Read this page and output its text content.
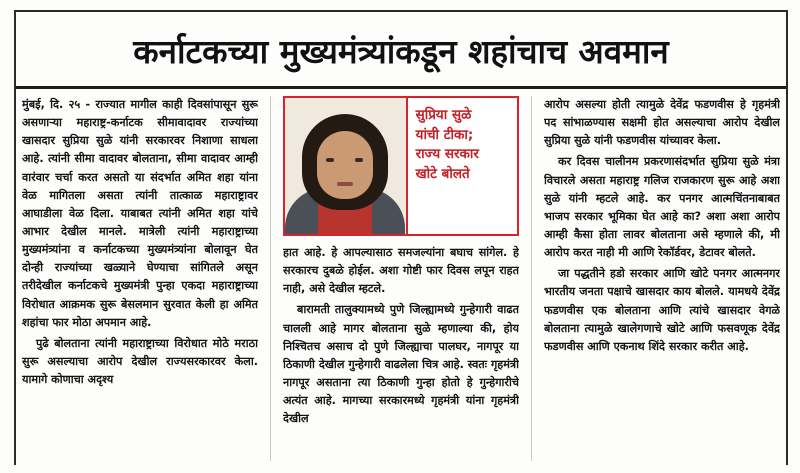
कर्नाटकच्या मुख्यमंत्र्यांकडून शहांचाच अवमान

मुंबई, दि. २५ - राज्यात मागील काही दिवसांपासून सुरू असणाऱ्या महाराष्ट्र-कर्नाटक सीमावादावर राज्यांच्या खासदार सुप्रिया सुळे यांनी सरकारवर निशाणा साधला आहे. त्यांनी सीमा वादावर बोलताना, सीमा वादावर आम्ही वारंवार चर्चा करत असतो या संदर्भात अमित शहा यांना वेळ मागितला असता त्यांनी तात्काळ महाराष्ट्रावर आघाडीला वेळ दिला. याबाबत त्यांनी अमित शहा यांचे आभार देखील मानले. मात्रेली त्यांनी महाराष्ट्राच्या मुख्यमंत्र्यांना व कर्नाटकच्या मुख्यमंत्र्यांना बोलावून घेत दोन्ही राज्यांच्या खळ्याने घेण्याचा सांगितले असून तरीदेखील कर्नाटकचे मुख्यमंत्री पुन्हा एकदा महाराष्ट्राच्या विरोधात आक्रमक सुरू बेसलमान सुरवात केली हा अमित शहांचा फार मोठा अपमान आहे.

पुढे बोलताना त्यांनी महाराष्ट्राच्या विरोधात मोठे मराठा सुरू असल्याचा आरोप देखील राज्यसरकारवर केला. यामागे कोणाचा अदृश्य

सुप्रिया सुळे
यांची टीका;
राज्य सरकार
खोटे बोलते

हात आहे. हे आपल्यासाठ समजल्यांना बघाच सांगेल. हे सरकारच दुबळे होईल. अशा गोष्टी फार दिवस लपून राहत नाही, असे देखील म्हटले.

बारामती तालुक्यामध्ये पुणे जिल्ह्यामध्ये गुन्हेगारी वाढत चालली आहे मागर बोलताना सुळे म्हणाल्या की, होय निश्चितच असाच दो पुणे जिल्ह्याचा पालघर, नागपूर या ठिकाणी देखील गुन्हेगारी वाढलेला चित्र आहे. स्वतः गृहमंत्री नागपूर असताना त्या ठिकाणी गुन्हा होतो हे गुन्हेगारीचे अत्यंत आहे. मागच्या सरकारमध्ये गृहमंत्री यांना गृहमंत्री देखील

आरोप असल्या होती त्यामुळे देवेंद्र फडणवीस हे गृहमंत्री पद सांभाळण्यास सक्षमी होत असल्याचा आरोप देखील सुप्रिया सुळे यांनी फडणवीस यांच्यावर केला.

कर दिवस चालीनम प्रकरणासंदर्भात सुप्रिया सुळे मंत्रा विचारले असता महाराष्ट्र गलिज राजकारण सुरू आहे अशा सुळे यांनी म्हटले आहे. कर पनगर आत्मचिंतनाबाबत भाजप सरकार भूमिका घेत आहे का? अशा अशा आरोप आम्ही कैसा होता लावर बोलताना असे म्हणाले की, मी आरोप करत नाही मी आणि रेकॉर्डवर, डेटावर बोलते.

जा पद्धतीने हडो सरकार आणि खोटे पनगर आत्मनगर भारतीय जनता पक्षाचे खासदार काय बोलले. यामधये देवेंद्र फडणवीस एक बोलताना आणि त्यांचे खासदार वेगळे बोलताना त्यामुळे खालेगणाचे खोटे आणि फसवणूक देवेंद्र फडणवीस आणि एकनाथ शिंदे सरकार करीत आहे.
